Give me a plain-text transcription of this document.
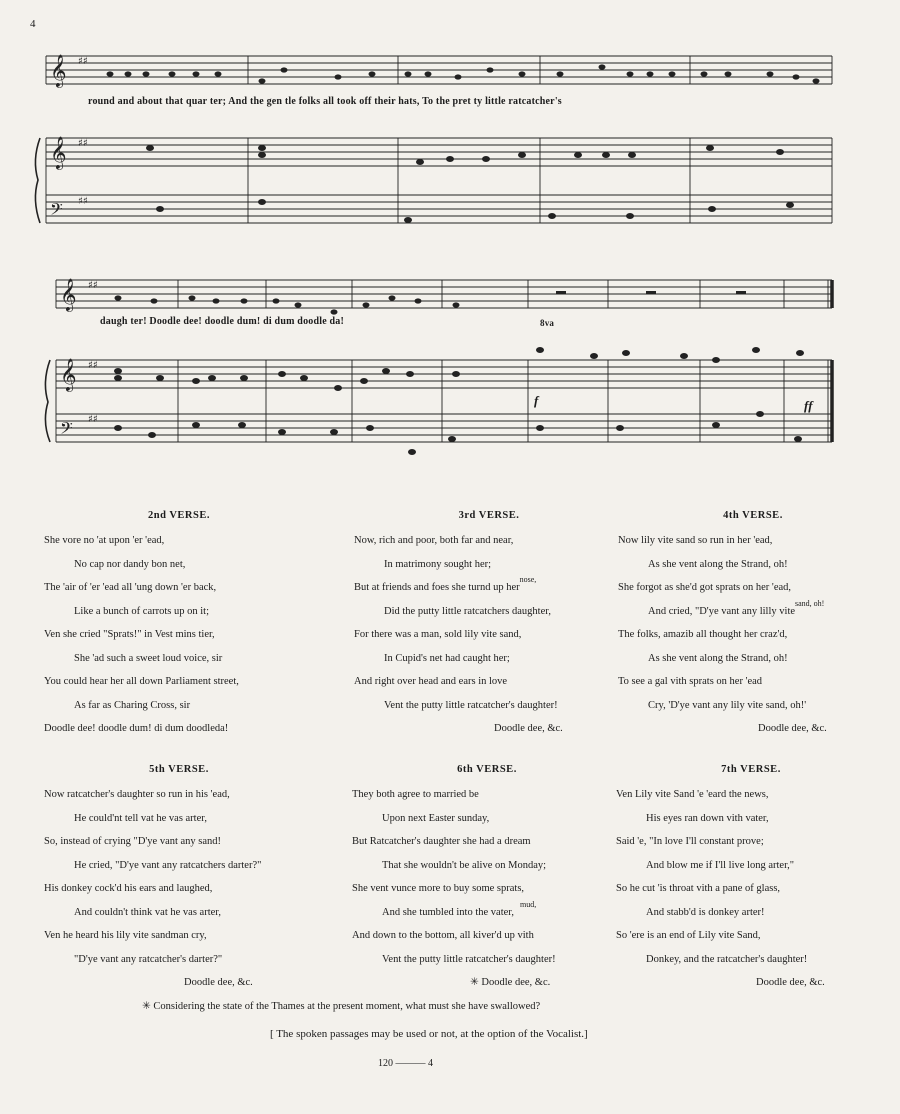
4
𝄞
𝄞
𝄢
♯♯
♯♯
♯♯
round and about that quar ter; And the gen tle folks all took off their hats, To the pret ty little ratcatcher's
𝄞
𝄞
𝄢
♯♯
♯♯
♯♯
daugh ter! Doodle dee! doodle dum! di dum doodle da!	8va
f	ff
2nd VERSE.
She vore no 'at upon 'er 'ead,
No cap nor dandy bon net,
The 'air of 'er 'ead all 'ung down 'er back,
Like a bunch of carrots up on it;
Ven she cried "Sprats!" in Vest mins tier,
She 'ad such a sweet loud voice, sir
You could hear her all down Parliament street,
As far as Charing Cross, sir
Doodle dee! doodle dum! di dum doodleda!
3rd VERSE.
Now, rich and poor, both far and near,
In matrimony sought her;
But at friends and foes she turnd up her$^{nose,}$
Did the putty little ratcatchers daughter,
For there was a man, sold lily vite sand,
In Cupid's net had caught her;
And right over head and ears in love
Vent the putty little ratcatcher's daughter!
Doodle dee, &c.
4th VERSE.
Now lily vite sand so run in her 'ead,
As she vent along the Strand, oh!
She forgot as she'd got sprats on her 'ead,
And cried, "D'ye vant any lilly vite$^{sand, oh!}$
The folks, amazib all thought her craz'd,
As she vent along the Strand, oh!
To see a gal vith sprats on her 'ead
Cry, 'D'ye vant any lily vite sand, oh!'
Doodle dee, &c.
5th VERSE.
Now ratcatcher's daughter so run in his 'ead,
He could'nt tell vat he vas arter,
So, instead of crying "D'ye vant any sand!
He cried, "D'ye vant any ratcatchers darter?"
His donkey cock'd his ears and laughed,
And couldn't think vat he vas arter,
Ven he heard his lily vite sandman cry,
"D'ye vant any ratcatcher's darter?"
Doodle dee, &c.
6th VERSE.
They both agree to married be
Upon next Easter sunday,
But Ratcatcher's daughter she had a dream
That she wouldn't be alive on Monday;
She vent vunce more to buy some sprats,
And she tumbled into the vater,$^{mud,}$
And down to the bottom, all kiver'd up vith
Vent the putty little ratcatcher's daughter!
✳ Doodle dee, &c.
7th VERSE.
Ven Lily vite Sand 'e 'eard the news,
His eyes ran down vith vater,
Said 'e, "In love I'll constant prove;
And blow me if I'll live long arter,"
So he cut 'is throat vith a pane of glass,
And stabb'd is donkey arter!
So 'ere is an end of Lily vite Sand,
Donkey, and the ratcatcher's daughter!
Doodle dee, &c.
✳ Considering the state of the Thames at the present moment, what must she have swallowed?
[ The spoken passages may be used or not, at the option of the Vocalist.]
120 ——— 4
